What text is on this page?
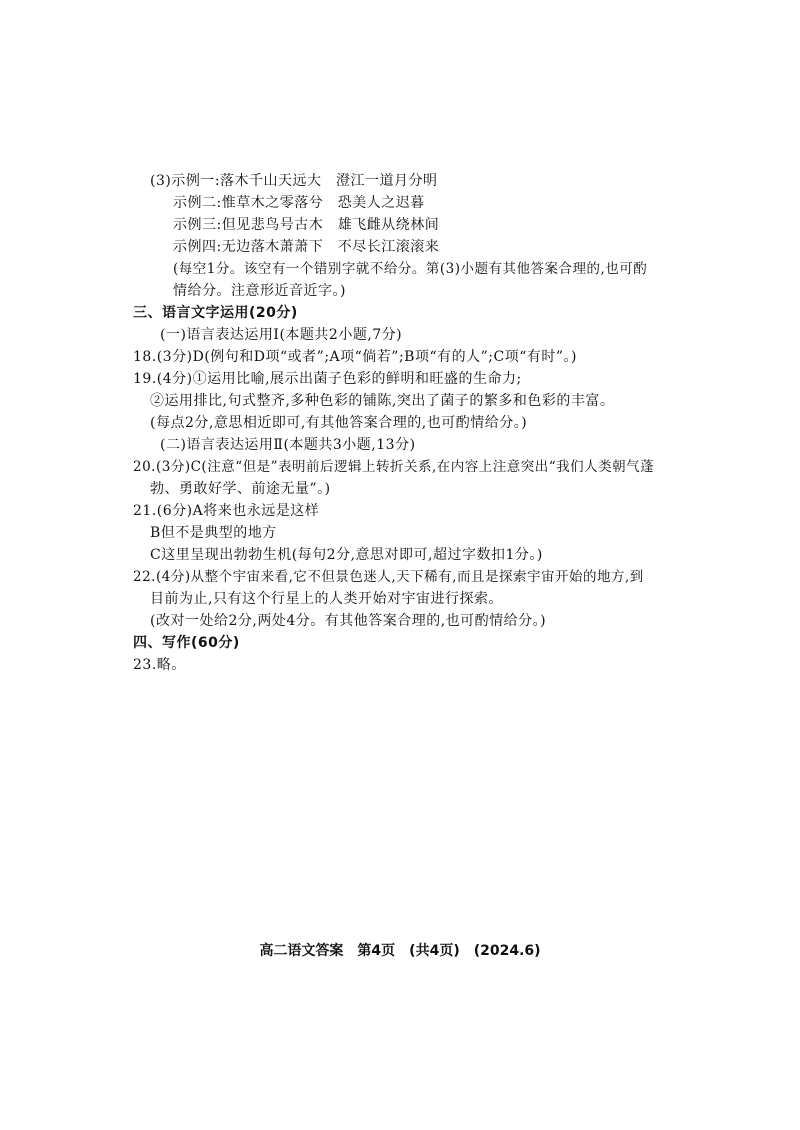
(3)示例一:落木千山天远大　澄江一道月分明
示例二:惟草木之零落兮　恐美人之迟暮
示例三:但见悲鸟号古木　雄飞雌从绕林间
示例四:无边落木萧萧下　不尽长江滚滚来
(每空1分。该空有一个错别字就不给分。第(3)小题有其他答案合理的,也可酌
情给分。注意形近音近字。)
三、语言文字运用(20分)
(一)语言表达运用Ⅰ(本题共2小题,7分)
18.(3分)D(例句和D项“或者”;A项“倘若”;B项“有的人”;C项“有时”。)
19.(4分)①运用比喻,展示出菌子色彩的鲜明和旺盛的生命力;
②运用排比,句式整齐,多种色彩的铺陈,突出了菌子的繁多和色彩的丰富。
(每点2分,意思相近即可,有其他答案合理的,也可酌情给分。)
(二)语言表达运用Ⅱ(本题共3小题,13分)
20.(3分)C(注意“但是”表明前后逻辑上转折关系,在内容上注意突出“我们人类朝气蓬
勃、勇敢好学、前途无量”。)
21.(6分)A将来也永远是这样
B但不是典型的地方
C这里呈现出勃勃生机(每句2分,意思对即可,超过字数扣1分。)
22.(4分)从整个宇宙来看,它不但景色迷人,天下稀有,而且是探索宇宙开始的地方,到
目前为止,只有这个行星上的人类开始对宇宙进行探索。
(改对一处给2分,两处4分。有其他答案合理的,也可酌情给分。)
四、写作(60分)
23.略。
高二语文答案　第4页　(共4页)　(2024.6)
